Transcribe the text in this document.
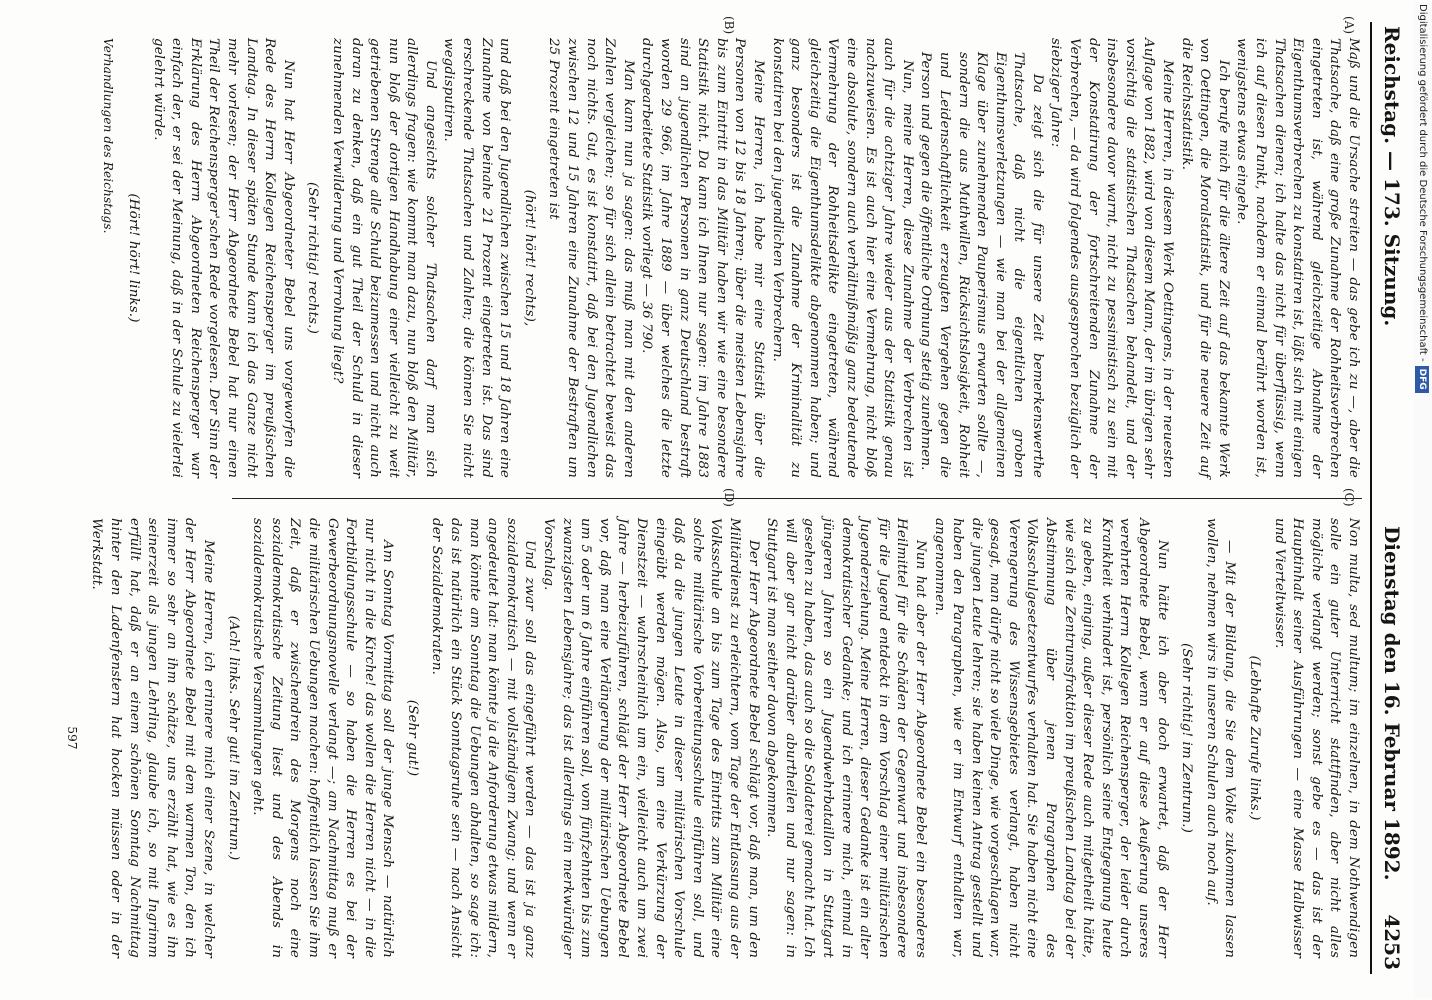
Reichstag. — 173. Sitzung.
Dienstag den 16. Februar 1892.
4253
(A)
(B)
(C)
(D)

Maß und die Ursache streiten — das gebe ich zu —, aber die Thatsache, daß eine große Zunahme der Rohheitsverbrechen eingetreten ist, während gleichzeitige Abnahme der Eigenthumsverbrechen zu konstatiren ist, läßt sich mit einigen Thatsachen dienen; ich halte das nicht für überflüssig, wenn ich auf diesen Punkt, nachdem er einmal berührt worden ist, wenigstens etwas eingehe.

Ich berufe mich für die ältere Zeit auf das bekannte Werk von Oettingen, die Moralstatistik, und für die neuere Zeit auf die Reichsstatistik.

Meine Herren, in diesem Werk Oettingens, in der neuesten Auflage von 1882, wird von diesem Mann, der im übrigen sehr vorsichtig die statistischen Thatsachen behandelt, und der insbesondere davor warnt, nicht zu pessimistisch zu sein mit der Konstatirung der fortschreitenden Zunahme der Verbrechen, — da wird folgendes ausgesprochen bezüglich der siebziger Jahre:

Da zeigt sich die für unsere Zeit bemerkenswerthe Thatsache, daß nicht die eigentlichen groben Eigenthumsverletzungen — wie man bei der allgemeinen Klage über zunehmenden Pauperismus erwarten sollte —, sondern die aus Muthwillen, Rücksichtslosigkeit, Rohheit und Leidenschaftlichkeit erzeugten Vergehen gegen die Person und gegen die öffentliche Ordnung stetig zunehmen.

Nun, meine Herren, diese Zunahme der Verbrechen ist auch für die achtziger Jahre wieder aus der Statistik genau nachzuweisen. Es ist auch hier eine Vermehrung, nicht bloß eine absolute, sondern auch verhältnißmäßig ganz bedeutende Vermehrung der Rohheitsdelikte eingetreten, während gleichzeitig die Eigenthumsdelikte abgenommen haben; und ganz besonders ist die Zunahme der Kriminalität zu konstatiren bei den jugendlichen Verbrechern.

Meine Herren, ich habe mir eine Statistik über die Personen von 12 bis 18 Jahren; über die meisten Lebensjahre bis zum Eintritt in das Militär haben wir wie eine besondere Statistik nicht. Da kann ich Ihnen nur sagen: im Jahre 1883 sind an jugendlichen Personen in ganz Deutschland bestraft worden 29 966, im Jahre 1889 — über welches die letzte durchgearbeitete Statistik vorliegt — 36 790.

Man kann nun ja sagen: das muß man mit den anderen Zahlen vergleichen; so für sich allein betrachtet beweist das noch nichts. Gut, es ist konstatirt, daß bei den Jugendlichen zwischen 12 und 15 Jahren eine Zunahme der Bestraften um 25 Prozent eingetreten ist

(hört! hört! rechts),

und daß bei den Jugendlichen zwischen 15 und 18 Jahren eine Zunahme von beinahe 21 Prozent eingetreten ist. Das sind erschreckende Thatsachen und Zahlen; die können Sie nicht wegdisputiren.

Und angesichts solcher Thatsachen darf man sich allerdings fragen: wie kommt man dazu, nun bloß den Militär, nun bloß der dortigen Handhabung einer vielleicht zu weit getriebenen Strenge alle Schuld beizumessen und nicht auch daran zu denken, daß ein gut Theil der Schuld in dieser zunehmenden Verwilderung und Verrohung liegt?

(Sehr richtig! rechts.)

Nun hat Herr Abgeordneter Bebel uns vorgeworfen die Rede des Herrn Kollegen Reichensperger im preußischen Landtag. In dieser späten Stunde kann ich das Ganze nicht mehr vorlesen; der Herr Abgeordnete Bebel hat nur einen Theil der Reichensperger'schen Rede vorgelesen. Der Sinn der Erklärung des Herrn Abgeordneten Reichensperger war einfach der, er sei der Meinung, daß in der Schule zu vielerlei gelehrt würde.

(Hört! hört! links.)

Verhandlungen des Reichstags.

Non multa, sed multum; im einzelnen, in dem Nothwendigen solle ein guter Unterricht stattfinden, aber nicht alles mögliche verlangt werden; sonst gebe es — das ist der Hauptinhalt seiner Ausführungen — eine Masse Halbwisser und Vierteltwisser.

(Lebhafte Zurufe links.)

— Mit der Bildung, die Sie dem Volke zukommen lassen wollen, nehmen wirs in unseren Schulen auch noch auf.

(Sehr richtig! im Zentrum.)

Nun hätte ich aber doch erwartet, daß der Herr Abgeordnete Bebel, wenn er auf diese Aeußerung unseres verehrten Herrn Kollegen Reichensperger, der leider durch Krankheit verhindert ist, persönlich seine Entgegnung heute zu geben, einging, außer dieser Rede auch mitgetheilt hätte, wie sich die Zentrumsfraktion im preußischen Landtag bei der Abstimmung über jenen Paragraphen des Volksschulgesetzentwurfes verhalten hat. Sie haben nicht eine Verengerung des Wissensgebietes verlangt, haben nicht gesagt, man dürfe nicht so viele Dinge, wie vorgeschlagen war, die jungen Leute lehren; sie haben keinen Antrag gestellt und haben den Paragraphen, wie er im Entwurf enthalten war, angenommen.

Nun hat aber der Herr Abgeordnete Bebel ein besonderes Heilmittel für die Schäden der Gegenwart und insbesondere für die Jugend entdeckt in dem Vorschlag einer militärischen Jugenderziehung. Meine Herren, dieser Gedanke ist ein alter demokratischer Gedanke; und ich erinnere mich, einmal in jüngeren Jahren so ein Jugendwehrbataillon in Stuttgart gesehen zu haben, das auch so die Soldaterei gemacht hat. Ich will aber gar nicht darüber aburtheilen und nur sagen: in Stuttgart ist man seither davon abgekommen.

Der Herr Abgeordnete Bebel schlägt vor, daß man, um den Militärdienst zu erleichtern, vom Tage der Entlassung aus der Volksschule an bis zum Tage des Eintritts zum Militär eine solche militärische Vorbereitungsschule einführen soll, und daß da die jungen Leute in dieser militärischen Vorschule eingeübt werden mögen. Also, um eine Verkürzung der Dienstzeit — wahrscheinlich um ein, vielleicht auch um zwei Jahre — herbeizuführen, schlägt der Herr Abgeordnete Bebel vor, daß man eine Verlängerung der militärischen Uebungen um 5 oder um 6 Jahre einführen soll, vom fünfzehnten bis zum zwanzigsten Lebensjahre; das ist allerdings ein merkwürdiger Vorschlag.

Und zwar soll das eingeführt werden — das ist ja ganz sozialdemokratisch — mit vollständigem Zwang; und wenn er angedeutet hat: man könnte ja die Anforderung etwas mildern, man könnte am Sonntag die Uebungen abhalten, so sage ich: das ist natürlich ein Stück Sonntagsruhe sein — nach Ansicht der Sozialdemokraten.

(Sehr gut!)

Am Sonntag Vormittag soll der junge Mensch — natürlich nur nicht in die Kirche! das wollen die Herren nicht — in die Fortbildungsschule — so haben die Herren es bei der Gewerbeordnungsnovelle verlangt —; am Nachmittag muß er die militärischen Uebungen machen: hoffentlich lassen Sie ihm Zeit, daß er zwischendrein des Morgens noch eine sozialdemokratische Zeitung liest und des Abends in sozialdemokratische Versammlungen geht.

(Ach! links. Sehr gut! im Zentrum.)

Meine Herren, ich erinnere mich einer Szene, in welcher der Herr Abgeordnete Bebel mit dem warmen Ton, den ich immer so sehr an ihm schätze, uns erzählt hat, wie es ihn seinerzeit als jungen Lehrling, glaube ich, so mit Ingrimm erfüllt hat, daß er an einem schönen Sonntag Nachmittag hinter den Ladenfenstern hat hocken müssen oder in der Werkstatt.

597

Digitalisierung gefördert durch die Deutsche Forschungsgemeinschaft -DFG
